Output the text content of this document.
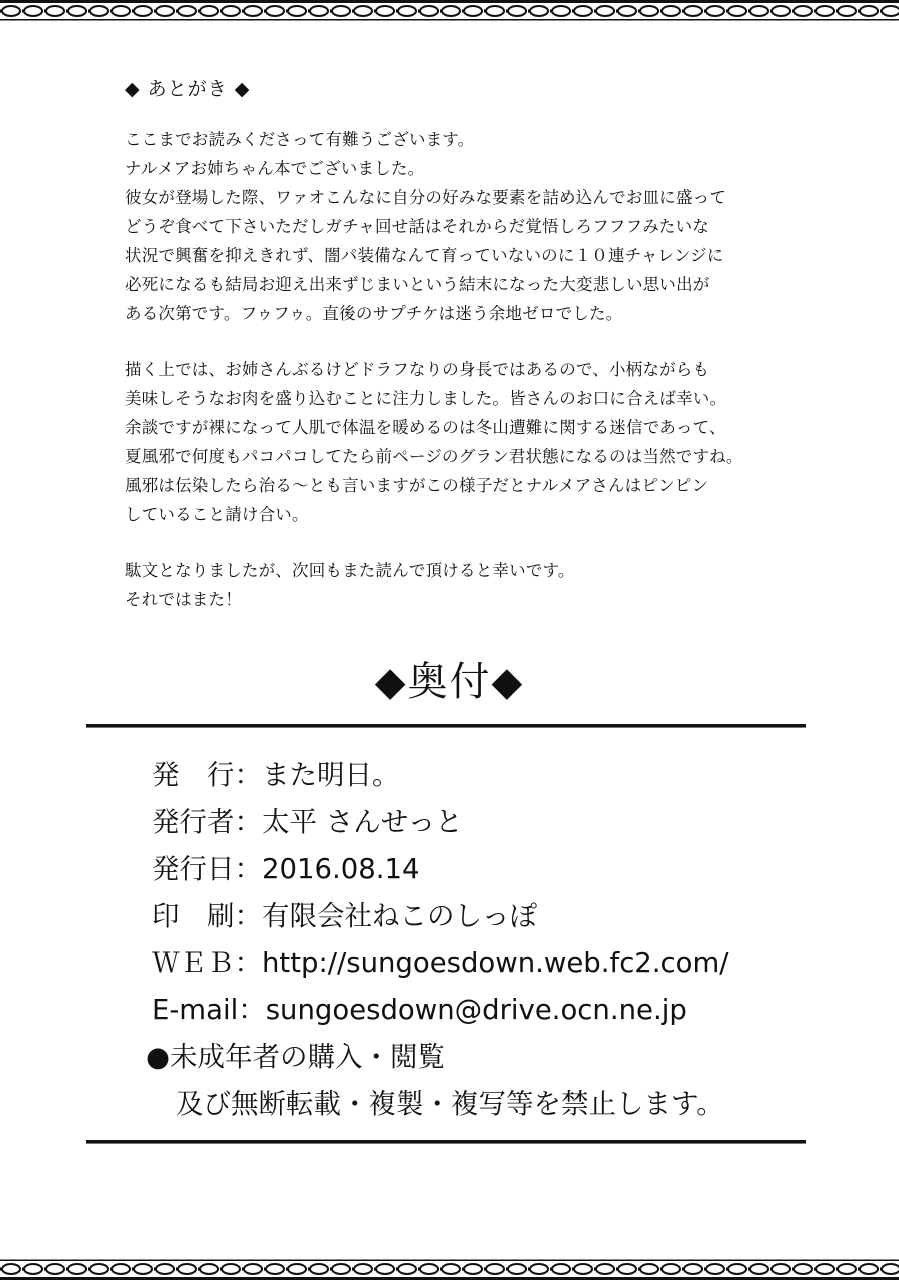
◆ あとがき ◆
ここまでお読みくださって有難うございます。
ナルメアお姉ちゃん本でございました。
彼女が登場した際、ワァオこんなに自分の好みな要素を詰め込んでお皿に盛って
どうぞ食べて下さいただしガチャ回せ話はそれからだ覚悟しろフフフみたいな
状況で興奮を抑えきれず、闇パ装備なんて育っていないのに１０連チャレンジに
必死になるも結局お迎え出来ずじまいという結末になった大変悲しい思い出が
ある次第です。フゥフゥ。直後のサプチケは迷う余地ゼロでした。
描く上では、お姉さんぶるけどドラフなりの身長ではあるので、小柄ながらも
美味しそうなお肉を盛り込むことに注力しました。皆さんのお口に合えば幸い。
余談ですが裸になって人肌で体温を暖めるのは冬山遭難に関する迷信であって、
夏風邪で何度もパコパコしてたら前ページのグラン君状態になるのは当然ですね。
風邪は伝染したら治る～とも言いますがこの様子だとナルメアさんはピンピン
していること請け合い。
駄文となりましたが、次回もまた読んで頂けると幸いです。
それではまた！
◆奥付◆
発　行：また明日。
発行者：太平 さんせっと
発行日：2016.08.14
印　刷：有限会社ねこのしっぽ
ＷＥＢ：http://sungoesdown.web.fc2.com/
E-mail：sungoesdown@drive.ocn.ne.jp
●未成年者の購入・閲覧
及び無断転載・複製・複写等を禁止します。
